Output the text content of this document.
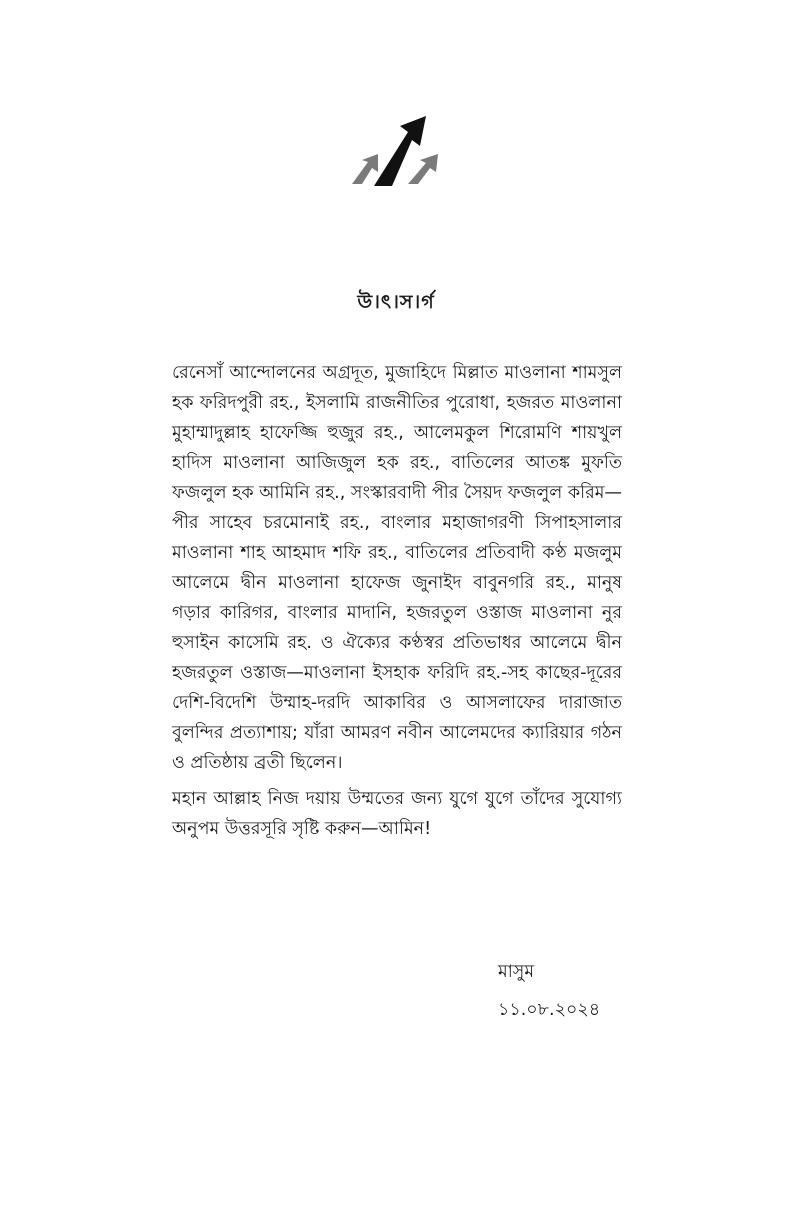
উ।ৎ।স।র্গ

রেনেসাঁ আন্দোলনের অগ্রদূত, মুজাহিদে মিল্লাত মাওলানা শামসুল হক ফরিদপুরী রহ., ইসলামি রাজনীতির পুরোধা, হজরত মাওলানা মুহাম্মাদুল্লাহ হাফেজ্জি হুজুর রহ., আলেমকুল শিরোমণি শায়খুল হাদিস মাওলানা আজিজুল হক রহ., বাতিলের আতঙ্ক মুফতি ফজলুল হক আমিনি রহ., সংস্কারবাদী পীর সৈয়দ ফজলুল করিম—পীর সাহেব চরমোনাই রহ., বাংলার মহাজাগরণী সিপাহসালার মাওলানা শাহ আহমাদ শফি রহ., বাতিলের প্রতিবাদী কণ্ঠ মজলুম আলেমে দ্বীন মাওলানা হাফেজ জুনাইদ বাবুনগরি রহ., মানুষ গড়ার কারিগর, বাংলার মাদানি, হজরতুল ওস্তাজ মাওলানা নুর হুসাইন কাসেমি রহ. ও ঐক্যের কণ্ঠস্বর প্রতিভাধর আলেমে দ্বীন হজরতুল ওস্তাজ—মাওলানা ইসহাক ফরিদি রহ.-সহ কাছের-দূরের দেশি-বিদেশি উম্মাহ-দরদি আকাবির ও আসলাফের দারাজাত বুলন্দির প্রত্যাশায়; যাঁরা আমরণ নবীন আলেমদের ক্যারিয়ার গঠন ও প্রতিষ্ঠায় ব্রতী ছিলেন।

মহান আল্লাহ নিজ দয়ায় উম্মতের জন্য যুগে যুগে তাঁদের সুযোগ্য অনুপম উত্তরসূরি সৃষ্টি করুন—আমিন!

মাসুম
১১.০৮.২০২৪
